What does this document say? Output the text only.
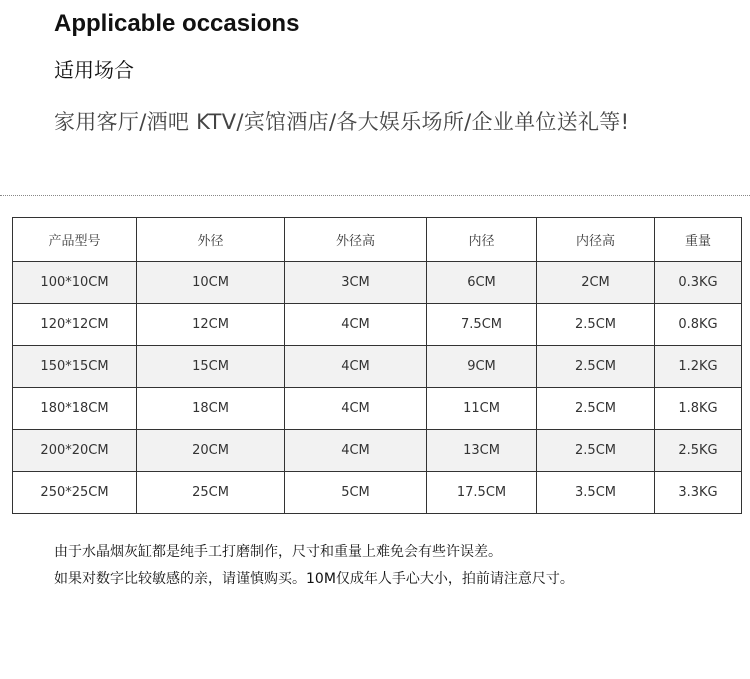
Applicable occasions
适用场合
家用客厅/酒吧 KTV/宾馆酒店/各大娱乐场所/企业单位送礼等!
产品型号	外径	外径高	内径	内径高	重量
100*10CM	10CM	3CM	6CM	2CM	0.3KG
120*12CM	12CM	4CM	7.5CM	2.5CM	0.8KG
150*15CM	15CM	4CM	9CM	2.5CM	1.2KG
180*18CM	18CM	4CM	11CM	2.5CM	1.8KG
200*20CM	20CM	4CM	13CM	2.5CM	2.5KG
250*25CM	25CM	5CM	17.5CM	3.5CM	3.3KG
由于水晶烟灰缸都是纯手工打磨制作，尺寸和重量上难免会有些许误差。
如果对数字比较敏感的亲，请谨慎购买。10M仅成年人手心大小，拍前请注意尺寸。
